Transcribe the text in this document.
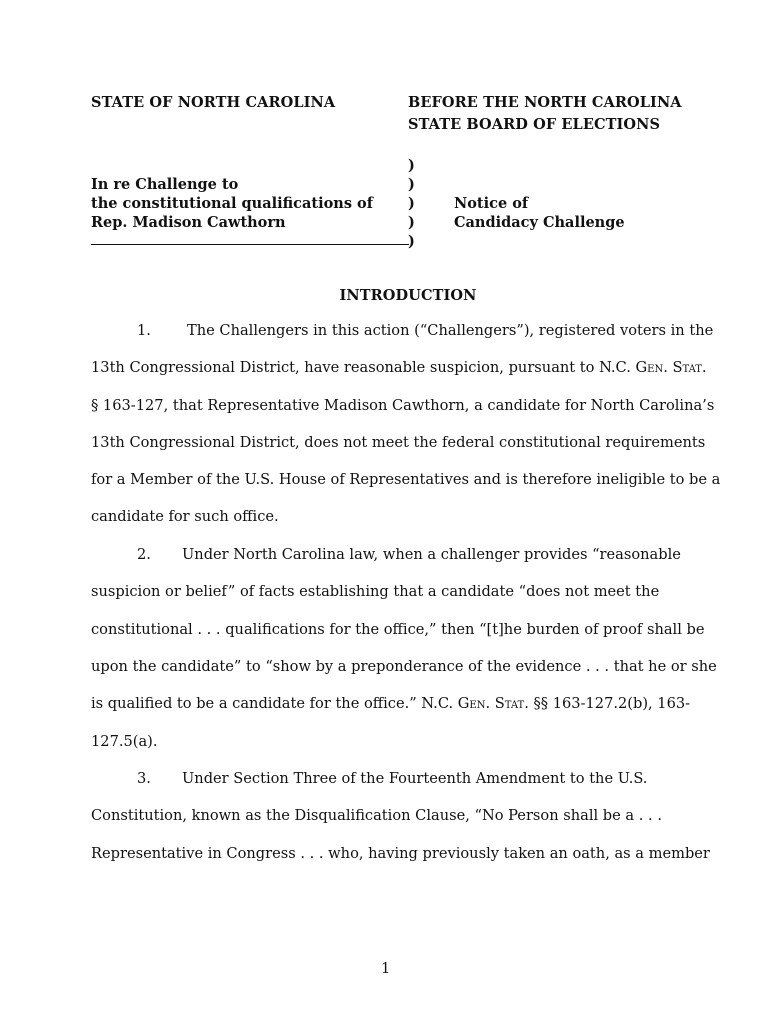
STATE OF NORTH CAROLINA	BEFORE THE NORTH CAROLINA
STATE BOARD OF ELECTIONS
In re Challenge to
the constitutional qualifications of
Rep. Madison Cawthorn
)
)
)
)
)
Notice of
Candidacy Challenge
INTRODUCTION
1. The Challengers in this action (“Challengers”), registered voters in the
13th Congressional District, have reasonable suspicion, pursuant to N.C. Gen. Stat.
§ 163-127, that Representative Madison Cawthorn, a candidate for North Carolina’s
13th Congressional District, does not meet the federal constitutional requirements
for a Member of the U.S. House of Representatives and is therefore ineligible to be a
candidate for such office.
2. Under North Carolina law, when a challenger provides “reasonable
suspicion or belief” of facts establishing that a candidate “does not meet the
constitutional . . . qualifications for the office,” then “[t]he burden of proof shall be
upon the candidate” to “show by a preponderance of the evidence . . . that he or she
is qualified to be a candidate for the office.” N.C. Gen. Stat. §§ 163-127.2(b), 163-
127.5(a).
3. Under Section Three of the Fourteenth Amendment to the U.S.
Constitution, known as the Disqualification Clause, “No Person shall be a . . .
Representative in Congress . . . who, having previously taken an oath, as a member
1
